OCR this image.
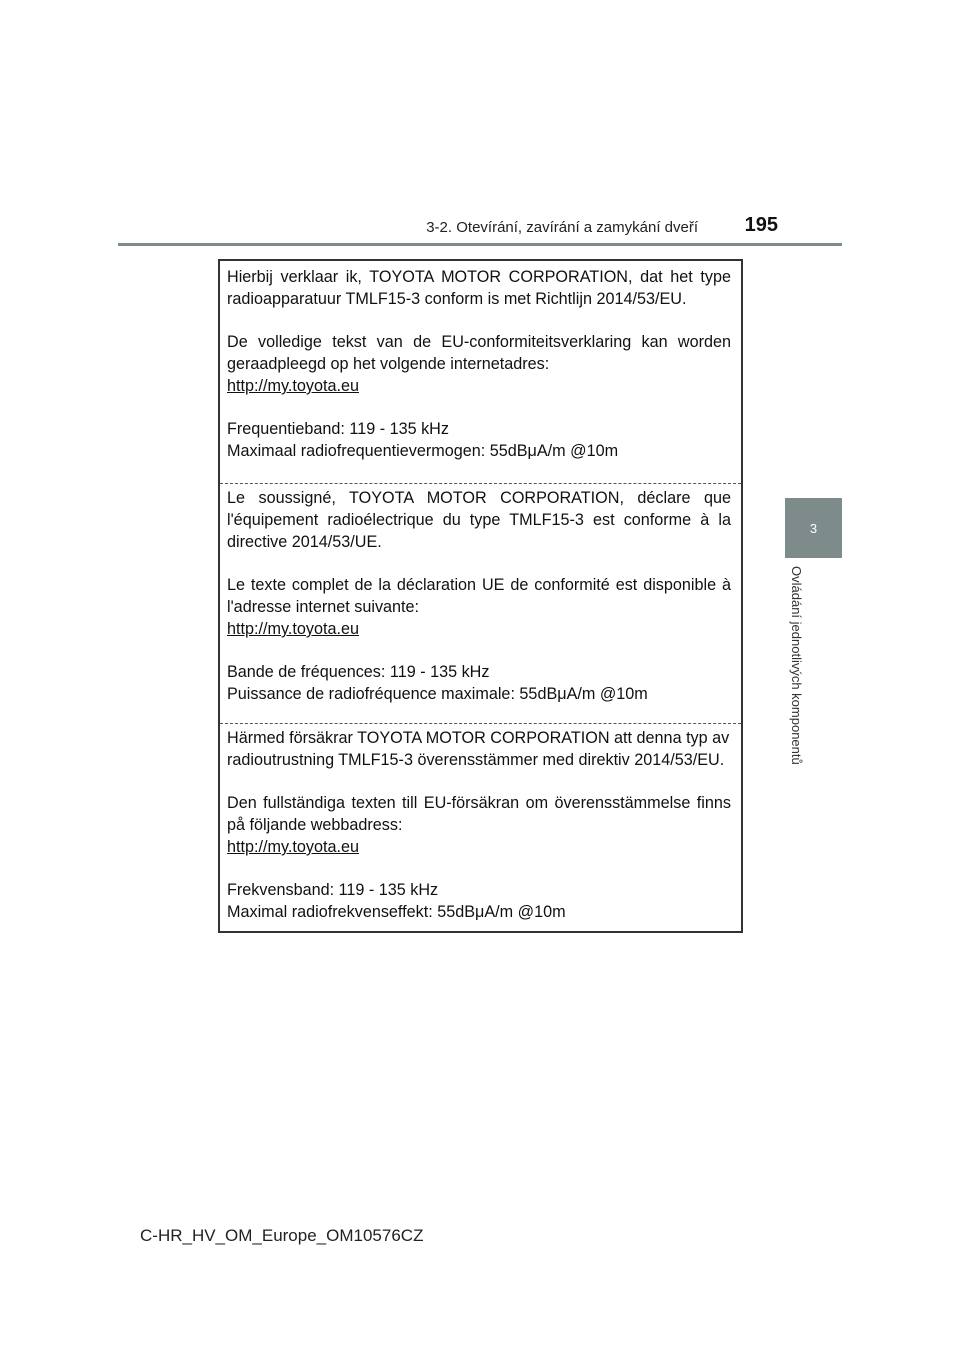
3-2. Otevírání, zavírání a zamykání dveří	195
3
Ovládání jednotlivých komponentů

Hierbij verklaar ik, TOYOTA MOTOR CORPORATION, dat het type

radioapparatuur TMLF15-3 conform is met Richtlijn 2014/53/EU.

De volledige tekst van de EU-conformiteitsverklaring kan worden

geraadpleegd op het volgende internetadres:

http://my.toyota.eu

Frequentieband: 119 - 135 kHz

Maximaal radiofrequentievermogen: 55dBμA/m @10m

Le soussigné, TOYOTA MOTOR CORPORATION, déclare que

l'équipement radioélectrique du type TMLF15-3 est conforme à la

directive 2014/53/UE.

Le texte complet de la déclaration UE de conformité est disponible à

l'adresse internet suivante:

http://my.toyota.eu

Bande de fréquences: 119 - 135 kHz

Puissance de radiofréquence maximale: 55dBμA/m @10m

Härmed försäkrar TOYOTA MOTOR CORPORATION att denna typ av

radioutrustning TMLF15-3 överensstämmer med direktiv 2014/53/EU.

Den fullständiga texten till EU-försäkran om överensstämmelse finns

på följande webbadress:

http://my.toyota.eu

Frekvensband: 119 - 135 kHz

Maximal radiofrekvenseffekt: 55dBμA/m @10m

C-HR_HV_OM_Europe_OM10576CZ
